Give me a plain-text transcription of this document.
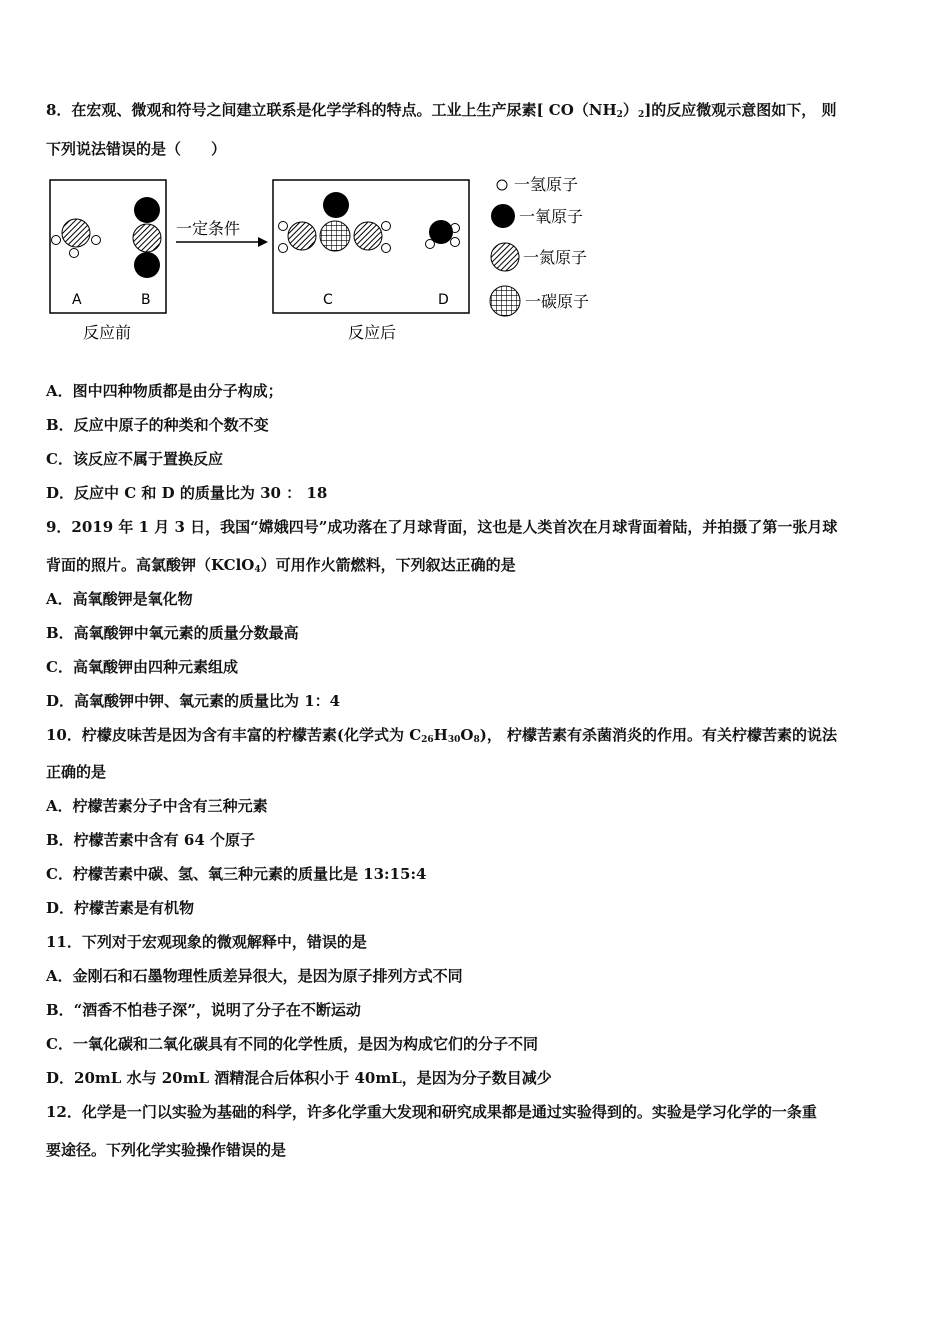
8．在宏观、微观和符号之间建立联系是化学学科的特点。工业上生产尿素[ $CO(NH_2)_2$]的反应微观示意图如下， 则
下列说法错误的是（　　）
A	B
反应前
一定条件
C	D
反应后
一氢原子
一氧原子
一氮原子
一碳原子
A．图中四种物质都是由分子构成；
B．反应中原子的种类和个数不变
C．该反应不属于置换反应
D．反应中 C 和 D 的质量比为 30 ： 18
9．2019 年 1 月 3 日，我国“嫦娥四号”成功落在了月球背面，这也是人类首次在月球背面着陆，并拍摄了第一张月球
背面的照片。高氯酸钾（KClO$_4$）可用作火箭燃料，下列叙达正确的是
A．高氧酸钾是氧化物
B．高氧酸钾中氧元素的质量分数最高
C．高氧酸钾由四种元素组成
D．高氧酸钾中钾、氧元素的质量比为 1：4
10．柠檬皮味苦是因为含有丰富的柠檬苦素(化学式为 $C_{26}H_{30}O_8$)， 柠檬苦素有杀菌消炎的作用。有关柠檬苦素的说法
正确的是
A．柠檬苦素分子中含有三种元素
B．柠檬苦素中含有 64 个原子
C．柠檬苦素中碳、氢、氧三种元素的质量比是 13:15:4
D．柠檬苦素是有机物
11．下列对于宏观现象的微观解释中，错误的是
A．金刚石和石墨物理性质差异很大，是因为原子排列方式不同
B．“酒香不怕巷子深”，说明了分子在不断运动
C．一氧化碳和二氧化碳具有不同的化学性质，是因为构成它们的分子不同
D．20mL 水与 20mL 酒精混合后体积小于 40mL，是因为分子数目减少
12．化学是一门以实验为基础的科学，许多化学重大发现和研究成果都是通过实验得到的。实验是学习化学的一条重
要途径。下列化学实验操作错误的是
